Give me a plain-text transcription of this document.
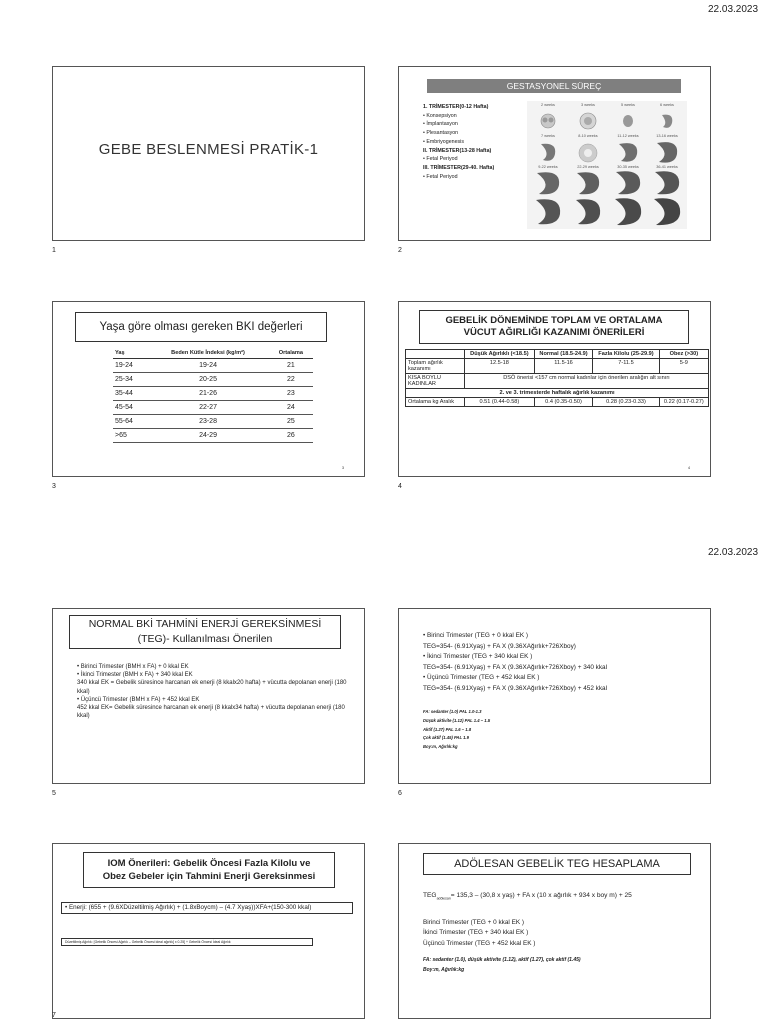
22.03.2023
22.03.2023
GEBE BESLENMESİ PRATİK-1
1
GESTASYONEL SÜREÇ
1. TRİMESTER(0-12 Hafta)
• Konsepsiyon
• İmplantasyon
• Plesantasyon
• Embriyogenesis
II. TRİMESTER(13-28 Hafta)
• Fetal Periyod
III. TRİMESTER(29-40. Hafta)
• Fetal Periyod
2 weeks	3 weeks	5 weeks	6 weeks
7 weeks	8-10 weeks	11-12 weeks	13-16 weeks
9-22 weeks	22-29 weeks	30-35 weeks	36-41 weeks
2
Yaşa göre olması gereken BKI değerleri
Yaş	Beden Kütle İndeksi (kg/m²)	Ortalama
19-24	19-24	21
25-34	20-25	22
35-44	21-26	23
45-54	22-27	24
55-64	23-28	25
>65	24-29	26
3
3
GEBELİK DÖNEMİNDE TOPLAM VE ORTALAMA
VÜCUT AĞIRLIĞI KAZANIMI ÖNERİLERİ
	Düşük Ağırlıklı (<18.5)	Normal (18.5-24.9)	Fazla Kilolu (25-29.9)	Obez (>30)
Toplam ağırlık kazanımı	12.5-18	11.5-16	7-11.5	5-9
KISA BOYLU KADINLAR	DSÖ önerisi <157 cm normal kadınlar için önerilen aralığın alt sınırı			
2. ve 3. trimesterde haftalık ağırlık kazanımı				
Ortalama kg Aralık	0.51 (0.44-0.58)	0.4 (0.35-0.50)	0.28 (0.23-0.33)	0.22 (0.17-0.27)
4
4
NORMAL BKİ TAHMİNİ ENERJİ GEREKSİNMESİ
(TEG)- Kullanılması Önerilen
• Birinci Trimester (BMH x FA) + 0 kkal EK
• İkinci Trimester (BMH x FA) + 340 kkal EK
340 kkal EK = Gebelik süresince harcanan ek enerji (8 kkalx20 hafta) + vücutta depolanan enerji (180 kkal)
• Üçüncü Trimester (BMH x FA) + 452 kkal EK
452 kkal EK= Gebelik süresince harcanan ek enerji (8 kkalx34 hafta) + vücutta depolanan enerji (180 kkal)
5
• Birinci Trimester (TEG + 0 kkal EK )
TEG=354- (6.91Xyaş) + FA X (9.36XAğırlık+726Xboy)
• İkinci Trimester (TEG + 340 kkal EK )
TEG=354- (6.91Xyaş) + FA X (9.36XAğırlık+726Xboy) + 340 kkal
• Üçüncü Trimester (TEG + 452 kkal EK )
TEG=354- (6.91Xyaş) + FA X (9.36XAğırlık+726Xboy) + 452 kkal
FA: sedanter (1.0) PAL 1.0-1.3
Düşük aktivite (1.12) PAL 1.4 – 1.5
Aktif (1.27) PAL 1.6 – 1.8
Çok aktif (1.45) PAL 1.9
Boy:m, Ağırlık:kg
6
IOM Önerileri: Gebelik Öncesi Fazla Kilolu ve
Obez Gebeler için Tahmini Enerji Gereksinmesi
• Enerji: (655 + (9.6XDüzeltilmiş Ağırlık) + (1.8xBoycm) – (4.7 Xyaş))XFA+(150-300 kkal)
Düzeltilmiş Ağırlık: [Gebelik Öncesi Ağırlık – Gebelik Öncesi ideal ağırlık] x 0.25] + Gebelik Öncesi İdeal Ağırlık
7
ADÖLESAN GEBELİK TEG HESAPLAMA
$TEG_{adölesan}= 135,3 - (30,8$ x yaş) + FA x (10 x ağırlık + 934 x boy m) + 25
Birinci Trimester (TEG + 0 kkal EK )
İkinci Trimester (TEG + 340 kkal EK )
Üçüncü Trimester (TEG + 452 kkal EK )
FA: sedanter (1.0), düşük aktivite (1.12), aktif (1.27), çok aktif (1.45)
Boy:m, Ağırlık:kg
